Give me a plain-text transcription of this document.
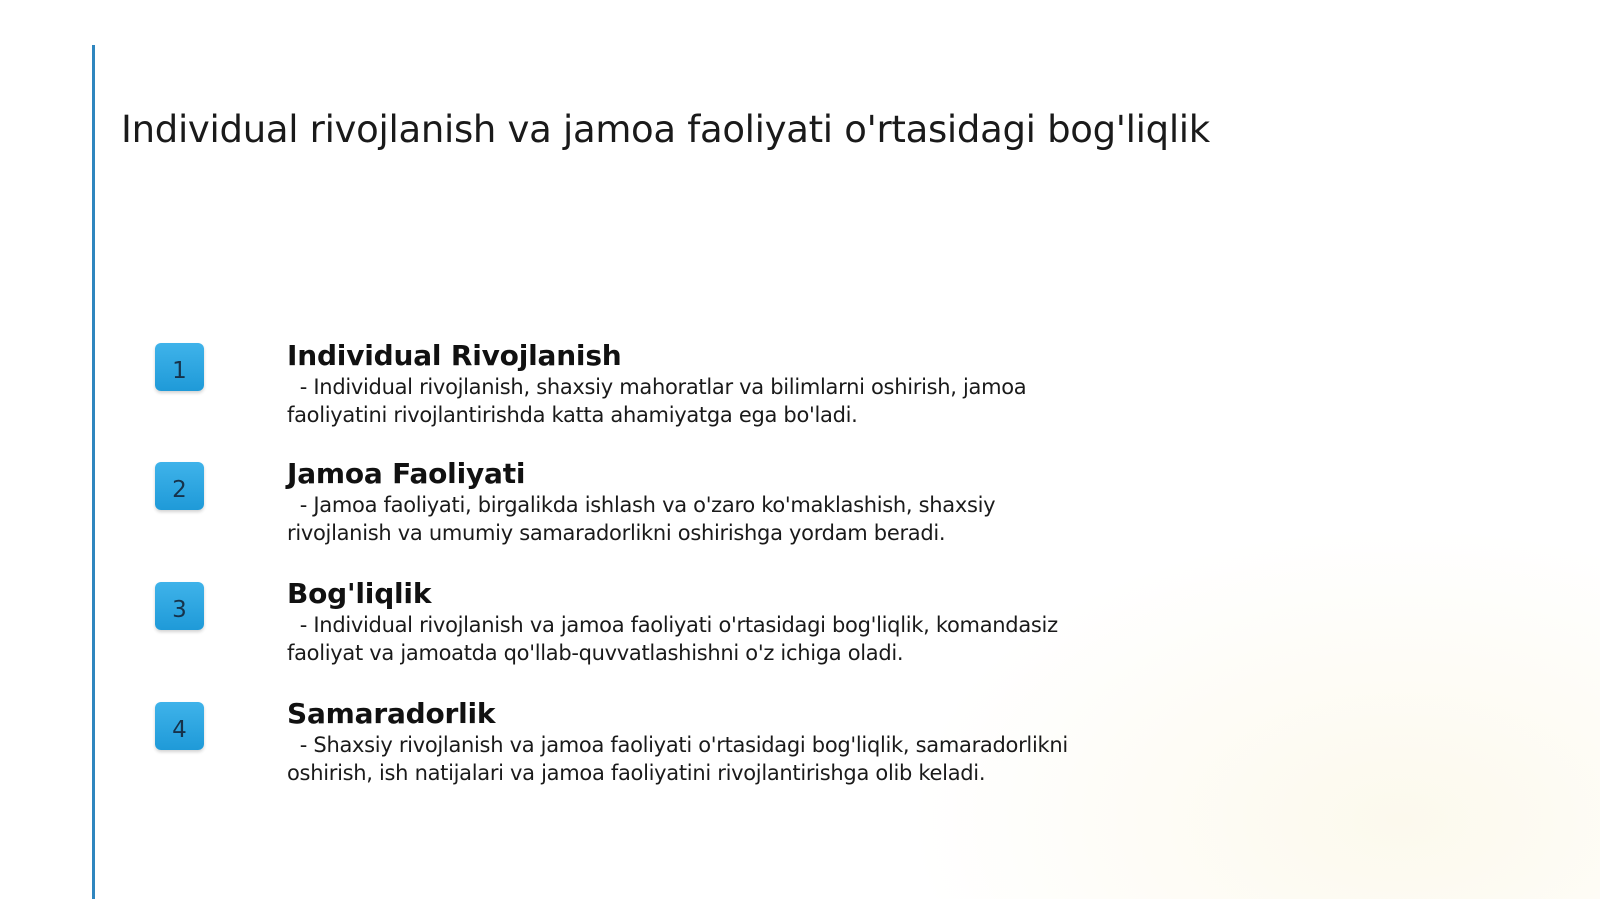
Individual rivojlanish va jamoa faoliyati o'rtasidagi bog'liqlik
1	Individual Rivojlanish

- Individual rivojlanish, shaxsiy mahoratlar va bilimlarni oshirish, jamoa faoliyatini rivojlantirishda katta ahamiyatga ega bo'ladi.

2	Jamoa Faoliyati

- Jamoa faoliyati, birgalikda ishlash va o'zaro ko'maklashish, shaxsiy rivojlanish va umumiy samaradorlikni oshirishga yordam beradi.

3	Bog'liqlik

- Individual rivojlanish va jamoa faoliyati o'rtasidagi bog'liqlik, komandasiz faoliyat va jamoatda qo'llab-quvvatlashishni o'z ichiga oladi.

4	Samaradorlik

- Shaxsiy rivojlanish va jamoa faoliyati o'rtasidagi bog'liqlik, samaradorlikni oshirish, ish natijalari va jamoa faoliyatini rivojlantirishga olib keladi.
